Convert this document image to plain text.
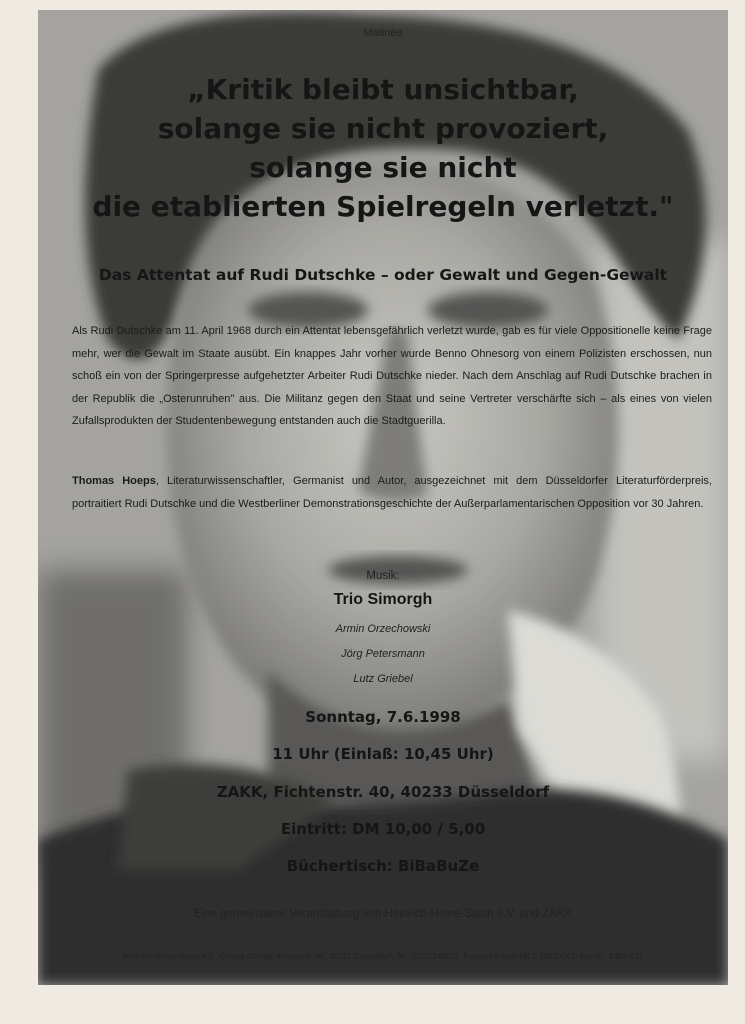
Matinée
„Kritik bleibt unsichtbar,
solange sie nicht provoziert,
solange sie nicht
die etablierten Spielregeln verletzt."
Das Attentat auf Rudi Dutschke – oder Gewalt und Gegen-Gewalt
Als Rudi Dutschke am 11. April 1968 durch ein Attentat lebensgefährlich verletzt wurde, gab es für viele Oppositionelle keine Frage mehr, wer die Gewalt im Staate ausübt. Ein knappes Jahr vorher wurde Benno Ohnesorg von einem Polizisten erschossen, nun schoß ein von der Springerpresse aufgehetzter Arbeiter Rudi Dutschke nieder. Nach dem Anschlag auf Rudi Dutschke brachen in der Republik die „Osterunruhen" aus. Die Militanz gegen den Staat und seine Vertreter verschärfte sich – als eines von vielen Zufallsprodukten der Studentenbewegung entstanden auch die Stadtguerilla.
Thomas Hoeps, Literaturwissenschaftler, Germanist und Autor, ausgezeichnet mit dem Düsseldorfer Literaturförderpreis, portraitiert Rudi Dutschke und die Westberliner Demonstrationsgeschichte der Außerparlamentarischen Opposition vor 30 Jahren.
Musik:
Trio Simorgh
Armin Orzechowski
Jörg Petersmann
Lutz Griebel
Sonntag, 7.6.1998
11 Uhr (Einlaß: 10,45 Uhr)
ZAKK, Fichtenstr. 40, 40233 Düsseldorf
Eintritt: DM 10,00 / 5,00
Büchertisch: BiBaBuZe
Eine gemeinsame Veranstaltung von Heinrich-Heine-Salon e.V. und ZAKK
Heinrich-Heine-Salon e.V., Christa Domke, Kronenstr. 46, 40217 Düsseldorf, Tel.: 0211/349251, Postamt Essen (BLZ 36010043) Kto-Nr.: 4387-437
